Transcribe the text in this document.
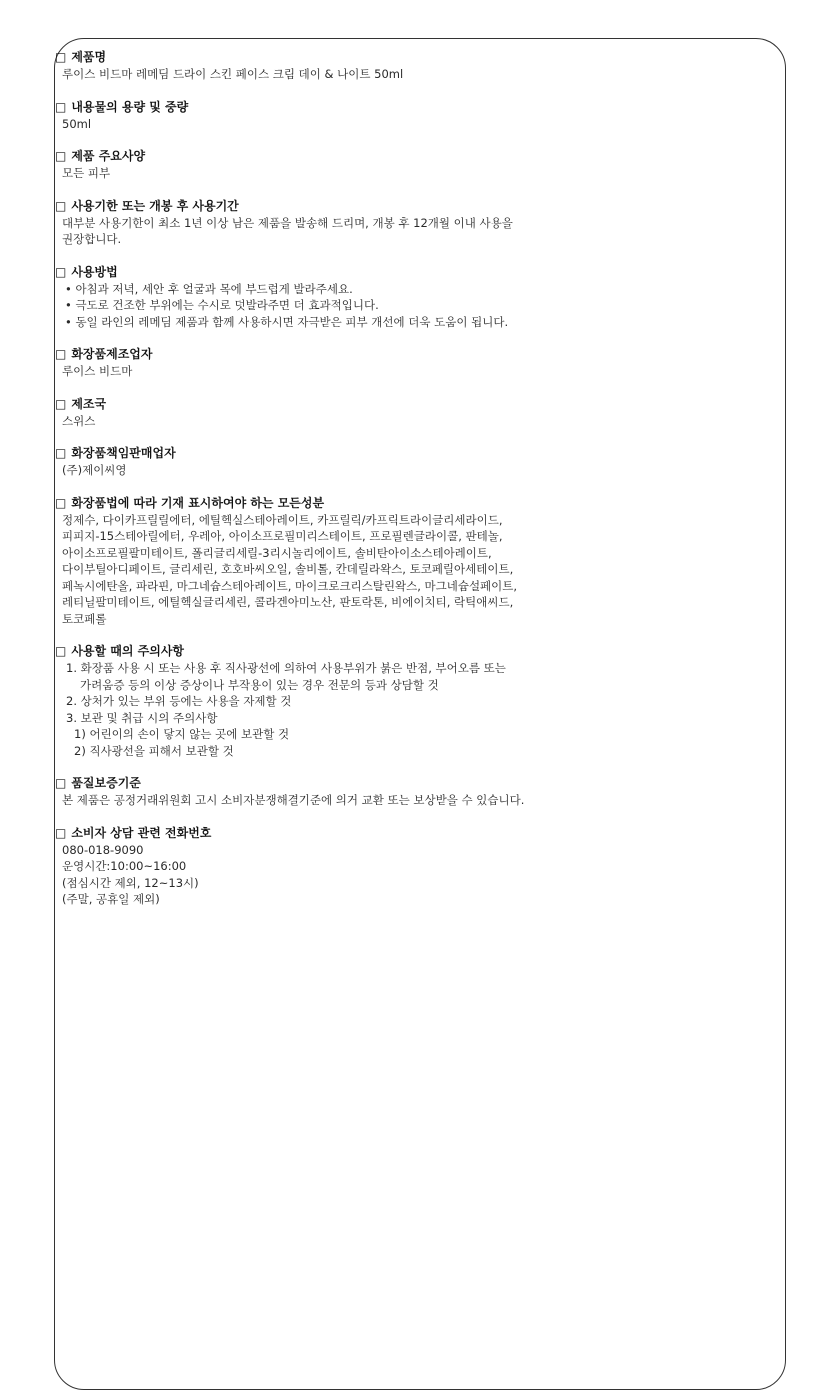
□ 제품명
루이스 비드마 레메딤 드라이 스킨 페이스 크림 데이 & 나이트 50ml
□ 내용물의 용량 및 중량
50ml
□ 제품 주요사양
모든 피부
□ 사용기한 또는 개봉 후 사용기간
대부분 사용기한이 최소 1년 이상 남은 제품을 발송해 드리며, 개봉 후 12개월 이내 사용을
권장합니다.
□ 사용방법
• 아침과 저녁, 세안 후 얼굴과 목에 부드럽게 발라주세요.
• 극도로 건조한 부위에는 수시로 덧발라주면 더 효과적입니다.
• 동일 라인의 레메딤 제품과 함께 사용하시면 자극받은 피부 개선에 더욱 도움이 됩니다.
□ 화장품제조업자
루이스 비드마
□ 제조국
스위스
□ 화장품책임판매업자
(주)제이씨영
□ 화장품법에 따라 기재 표시하여야 하는 모든성분
정제수, 다이카프릴릴에터, 에틸헥실스테아레이트, 카프릴릭/카프릭트라이글리세라이드,
피피지-15스테아릴에터, 우레아, 아이소프로필미리스테이트, 프로필렌글라이콜, 판테놀,
아이소프로필팔미테이트, 폴리글리세릴-3리시놀리에이트, 솔비탄아이소스테아레이트,
다이부틸아디페이트, 글리세린, 호호바씨오일, 솔비톨, 칸데릴라왁스, 토코페릴아세테이트,
페녹시에탄올, 파라핀, 마그네슘스테아레이트, 마이크로크리스탈린왁스, 마그네슘설페이트,
레티닐팔미테이트, 에틸헥실글리세린, 콜라겐아미노산, 판토락톤, 비에이치티, 락틱애씨드,
토코페롤
□ 사용할 때의 주의사항
1. 화장품 사용 시 또는 사용 후 직사광선에 의하여 사용부위가 붉은 반점, 부어오름 또는
가려움증 등의 이상 증상이나 부작용이 있는 경우 전문의 등과 상담할 것
2. 상처가 있는 부위 등에는 사용을 자제할 것
3. 보관 및 취급 시의 주의사항
1) 어린이의 손이 닿지 않는 곳에 보관할 것
2) 직사광선을 피해서 보관할 것
□ 품질보증기준
본 제품은 공정거래위원회 고시 소비자분쟁해결기준에 의거 교환 또는 보상받을 수 있습니다.
□ 소비자 상담 관련 전화번호
080-018-9090
운영시간:10:00~16:00
(점심시간 제외, 12~13시)
(주말, 공휴일 제외)
